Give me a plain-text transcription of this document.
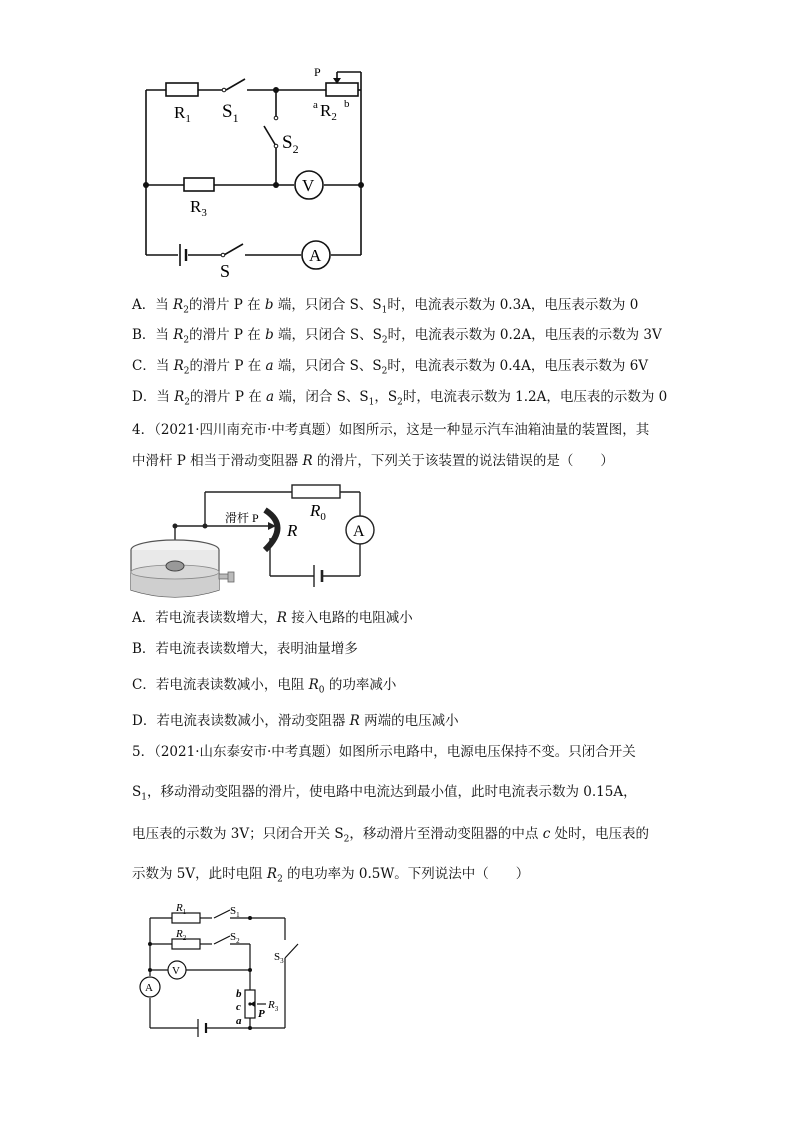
V
A
$R_1$ $S_1$
P
a $R_2$
b
$S_2$
$R_3$
S
A．当 $R_2$的滑片 P 在 b 端，只闭合 S、$S_1$时，电流表示数为 0.3A，电压表示数为 0
B．当 $R_2$的滑片 P 在 b 端，只闭合 S、$S_2$时，电流表示数为 0.2A，电压表的示数为 3V
C．当 $R_2$的滑片 P 在 a 端，只闭合 S、$S_2$时，电流表示数为 0.4A，电压表示数为 6V
D．当 $R_2$的滑片 P 在 a 端，闭合 S、$S_1$，$S_2$时，电流表示数为 1.2A，电压表的示数为 0
4．（2021·四川南充市·中考真题）如图所示，这是一种显示汽车油箱油量的装置图，其
中滑杆 P 相当于滑动变阻器 R 的滑片，下列关于该装置的说法错误的是（　　）
A
滑杆 P
R
$R_0$
A．若电流表读数增大，R 接入电路的电阻减小
B．若电流表读数增大，表明油量增多
C．若电流表读数减小，电阻 $R_0$ 的功率减小
D．若电流表读数减小，滑动变阻器 R 两端的电压减小
5．（2021·山东泰安市·中考真题）如图所示电路中，电源电压保持不变。只闭合开关
$S_1$，移动滑动变阻器的滑片，使电路中电流达到最小值，此时电流表示数为 0.15A，
电压表的示数为 3V；只闭合开关 $S_2$，移动滑片至滑动变阻器的中点 c 处时，电压表的
示数为 5V，此时电阻 $R_2$ 的电功率为 0.5W。下列说法中（　　）
V
A
$R_1$	$S_1$
$R_2$	$S_2$
$S_3$
b
c
a
P
$R_3$
